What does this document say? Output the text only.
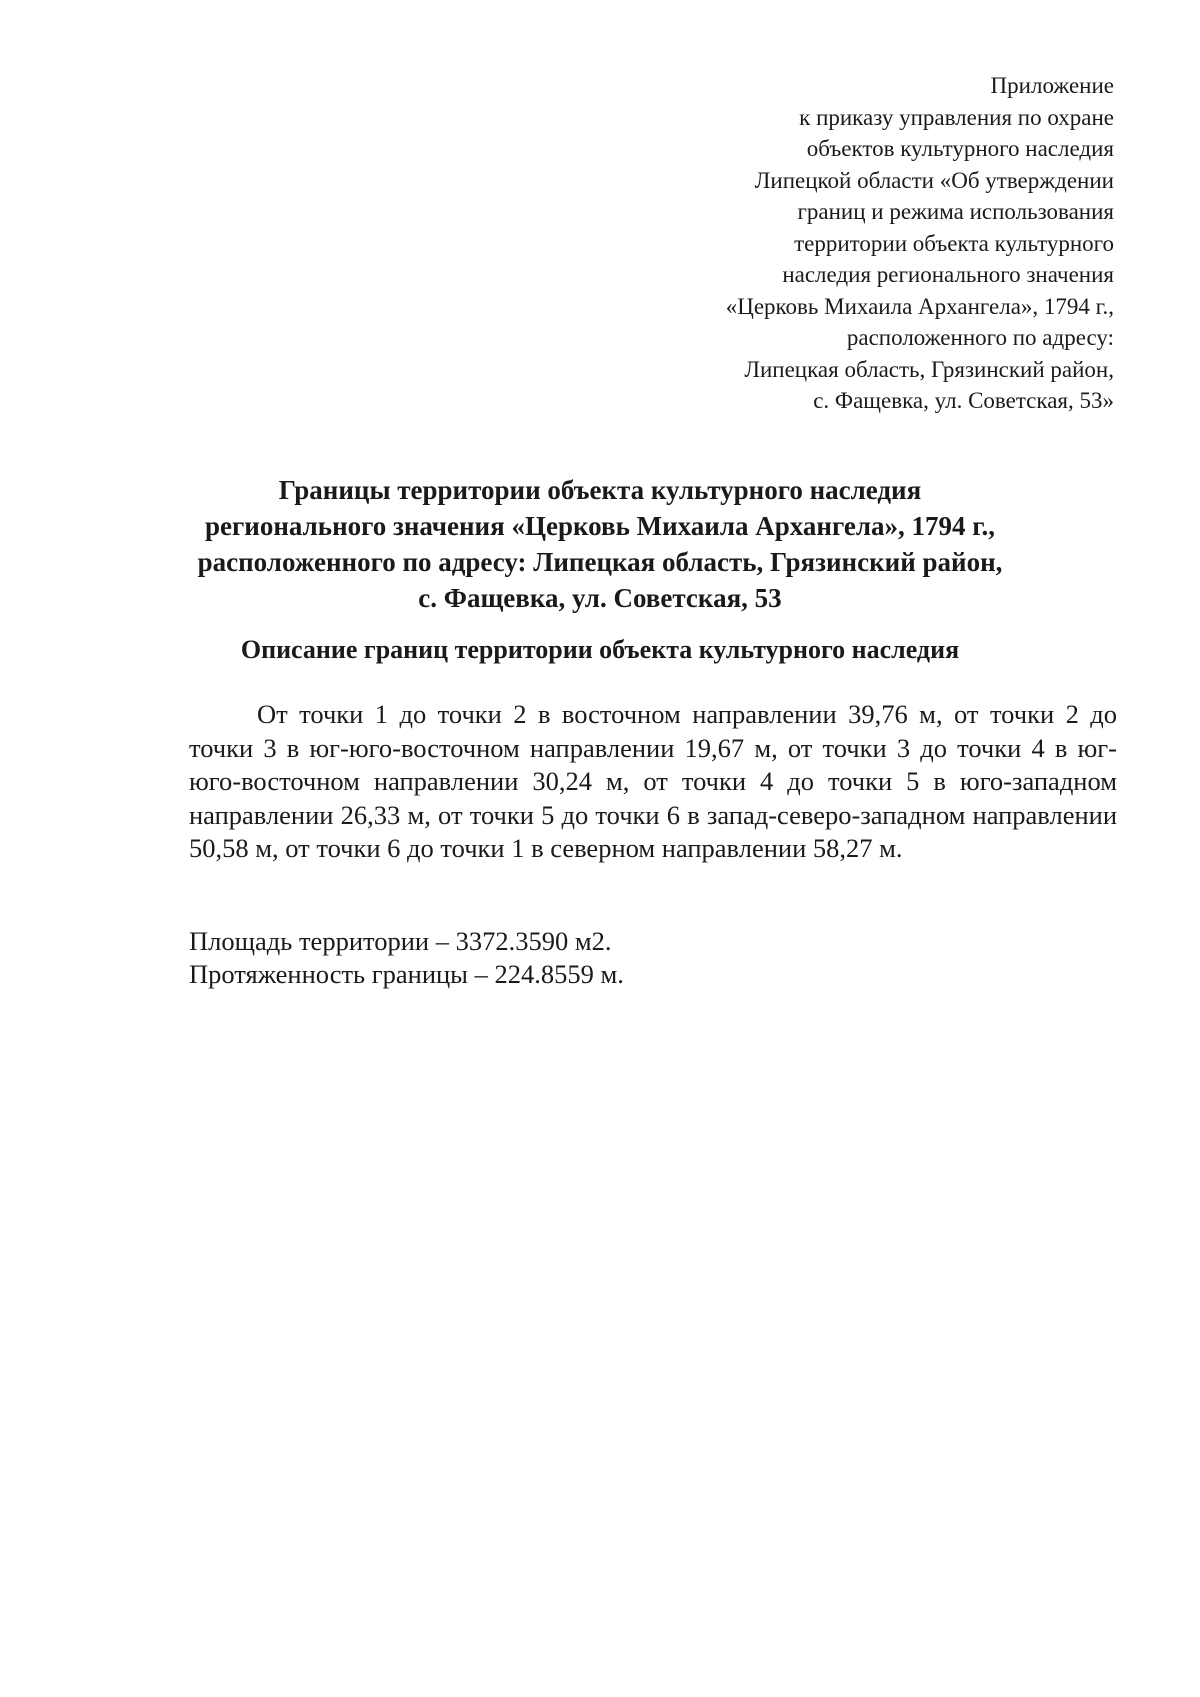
Приложение
к приказу управления по охране
объектов культурного наследия
Липецкой области «Об утверждении
границ и режима использования
территории объекта культурного
наследия регионального значения
«Церковь Михаила Архангела», 1794 г.,
расположенного по адресу:
Липецкая область, Грязинский район,
с. Фащевка, ул. Советская, 53»
Границы территории объекта культурного наследия
регионального значения «Церковь Михаила Архангела», 1794 г.,
расположенного по адресу: Липецкая область, Грязинский район,
с. Фащевка, ул. Советская, 53
Описание границ территории объекта культурного наследия

От точки 1 до точки 2 в восточном направлении 39,76 м, от точки 2 до точки 3 в юг-юго-восточном направлении 19,67 м, от точки 3 до точки 4 в юг-юго-восточном направлении 30,24 м, от точки 4 до точки 5 в юго-западном направлении 26,33 м, от точки 5 до точки 6 в запад-северо-западном направлении 50,58 м, от точки 6 до точки 1 в северном направлении 58,27 м.

Площадь территории – 3372.3590 м2.
Протяженность границы – 224.8559 м.
